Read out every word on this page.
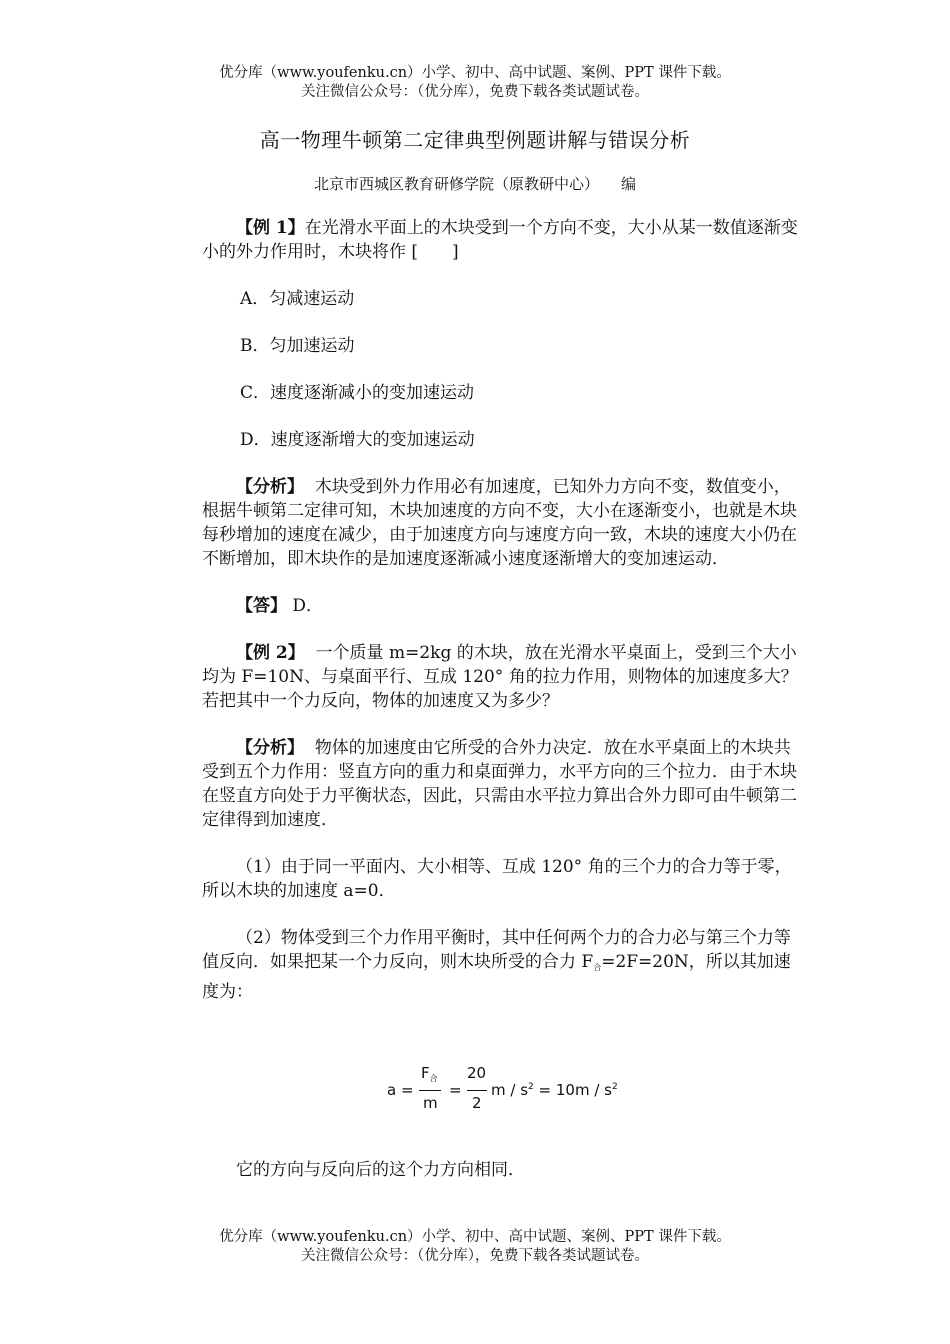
优分库（www.youfenku.cn）小学、初中、高中试题、案例、PPT 课件下载。
关注微信公众号：（优分库），免费下载各类试题试卷。
高一物理牛顿第二定律典型例题讲解与错误分析
北京市西城区教育研修学院（原教研中心） 编

【例 1】在光滑水平面上的木块受到一个方向不变，大小从某一数值逐渐变小的外力作用时，木块将作 [　　]

A．匀减速运动

B．匀加速运动

C．速度逐渐减小的变加速运动

D．速度逐渐增大的变加速运动

【分析】 木块受到外力作用必有加速度，已知外力方向不变，数值变小，根据牛顿第二定律可知，木块加速度的方向不变，大小在逐渐变小，也就是木块每秒增加的速度在减少，由于加速度方向与速度方向一致，木块的速度大小仍在不断增加，即木块作的是加速度逐渐减小速度逐渐增大的变加速运动．

【答】 D．

【例 2】 一个质量 m=2kg 的木块，放在光滑水平桌面上，受到三个大小均为 F=10N、与桌面平行、互成 120° 角的拉力作用，则物体的加速度多大？若把其中一个力反向，物体的加速度又为多少？

【分析】 物体的加速度由它所受的合外力决定．放在水平桌面上的木块共受到五个力作用：竖直方向的重力和桌面弹力，水平方向的三个拉力．由于木块在竖直方向处于力平衡状态，因此，只需由水平拉力算出合外力即可由牛顿第二定律得到加速度．

（1）由于同一平面内、大小相等、互成 120° 角的三个力的合力等于零，所以木块的加速度 a=0．

（2）物体受到三个力作用平衡时，其中任何两个力的合力必与第三个力等值反向．如果把某一个力反向，则木块所受的合力 $F_合=2F=20N$，所以其加速度为：

a =
$F_合$
m
=
20
2
$m / s^2 = 10m / s^2$

它的方向与反向后的这个力方向相同．

优分库（www.youfenku.cn）小学、初中、高中试题、案例、PPT 课件下载。
关注微信公众号：（优分库），免费下载各类试题试卷。
